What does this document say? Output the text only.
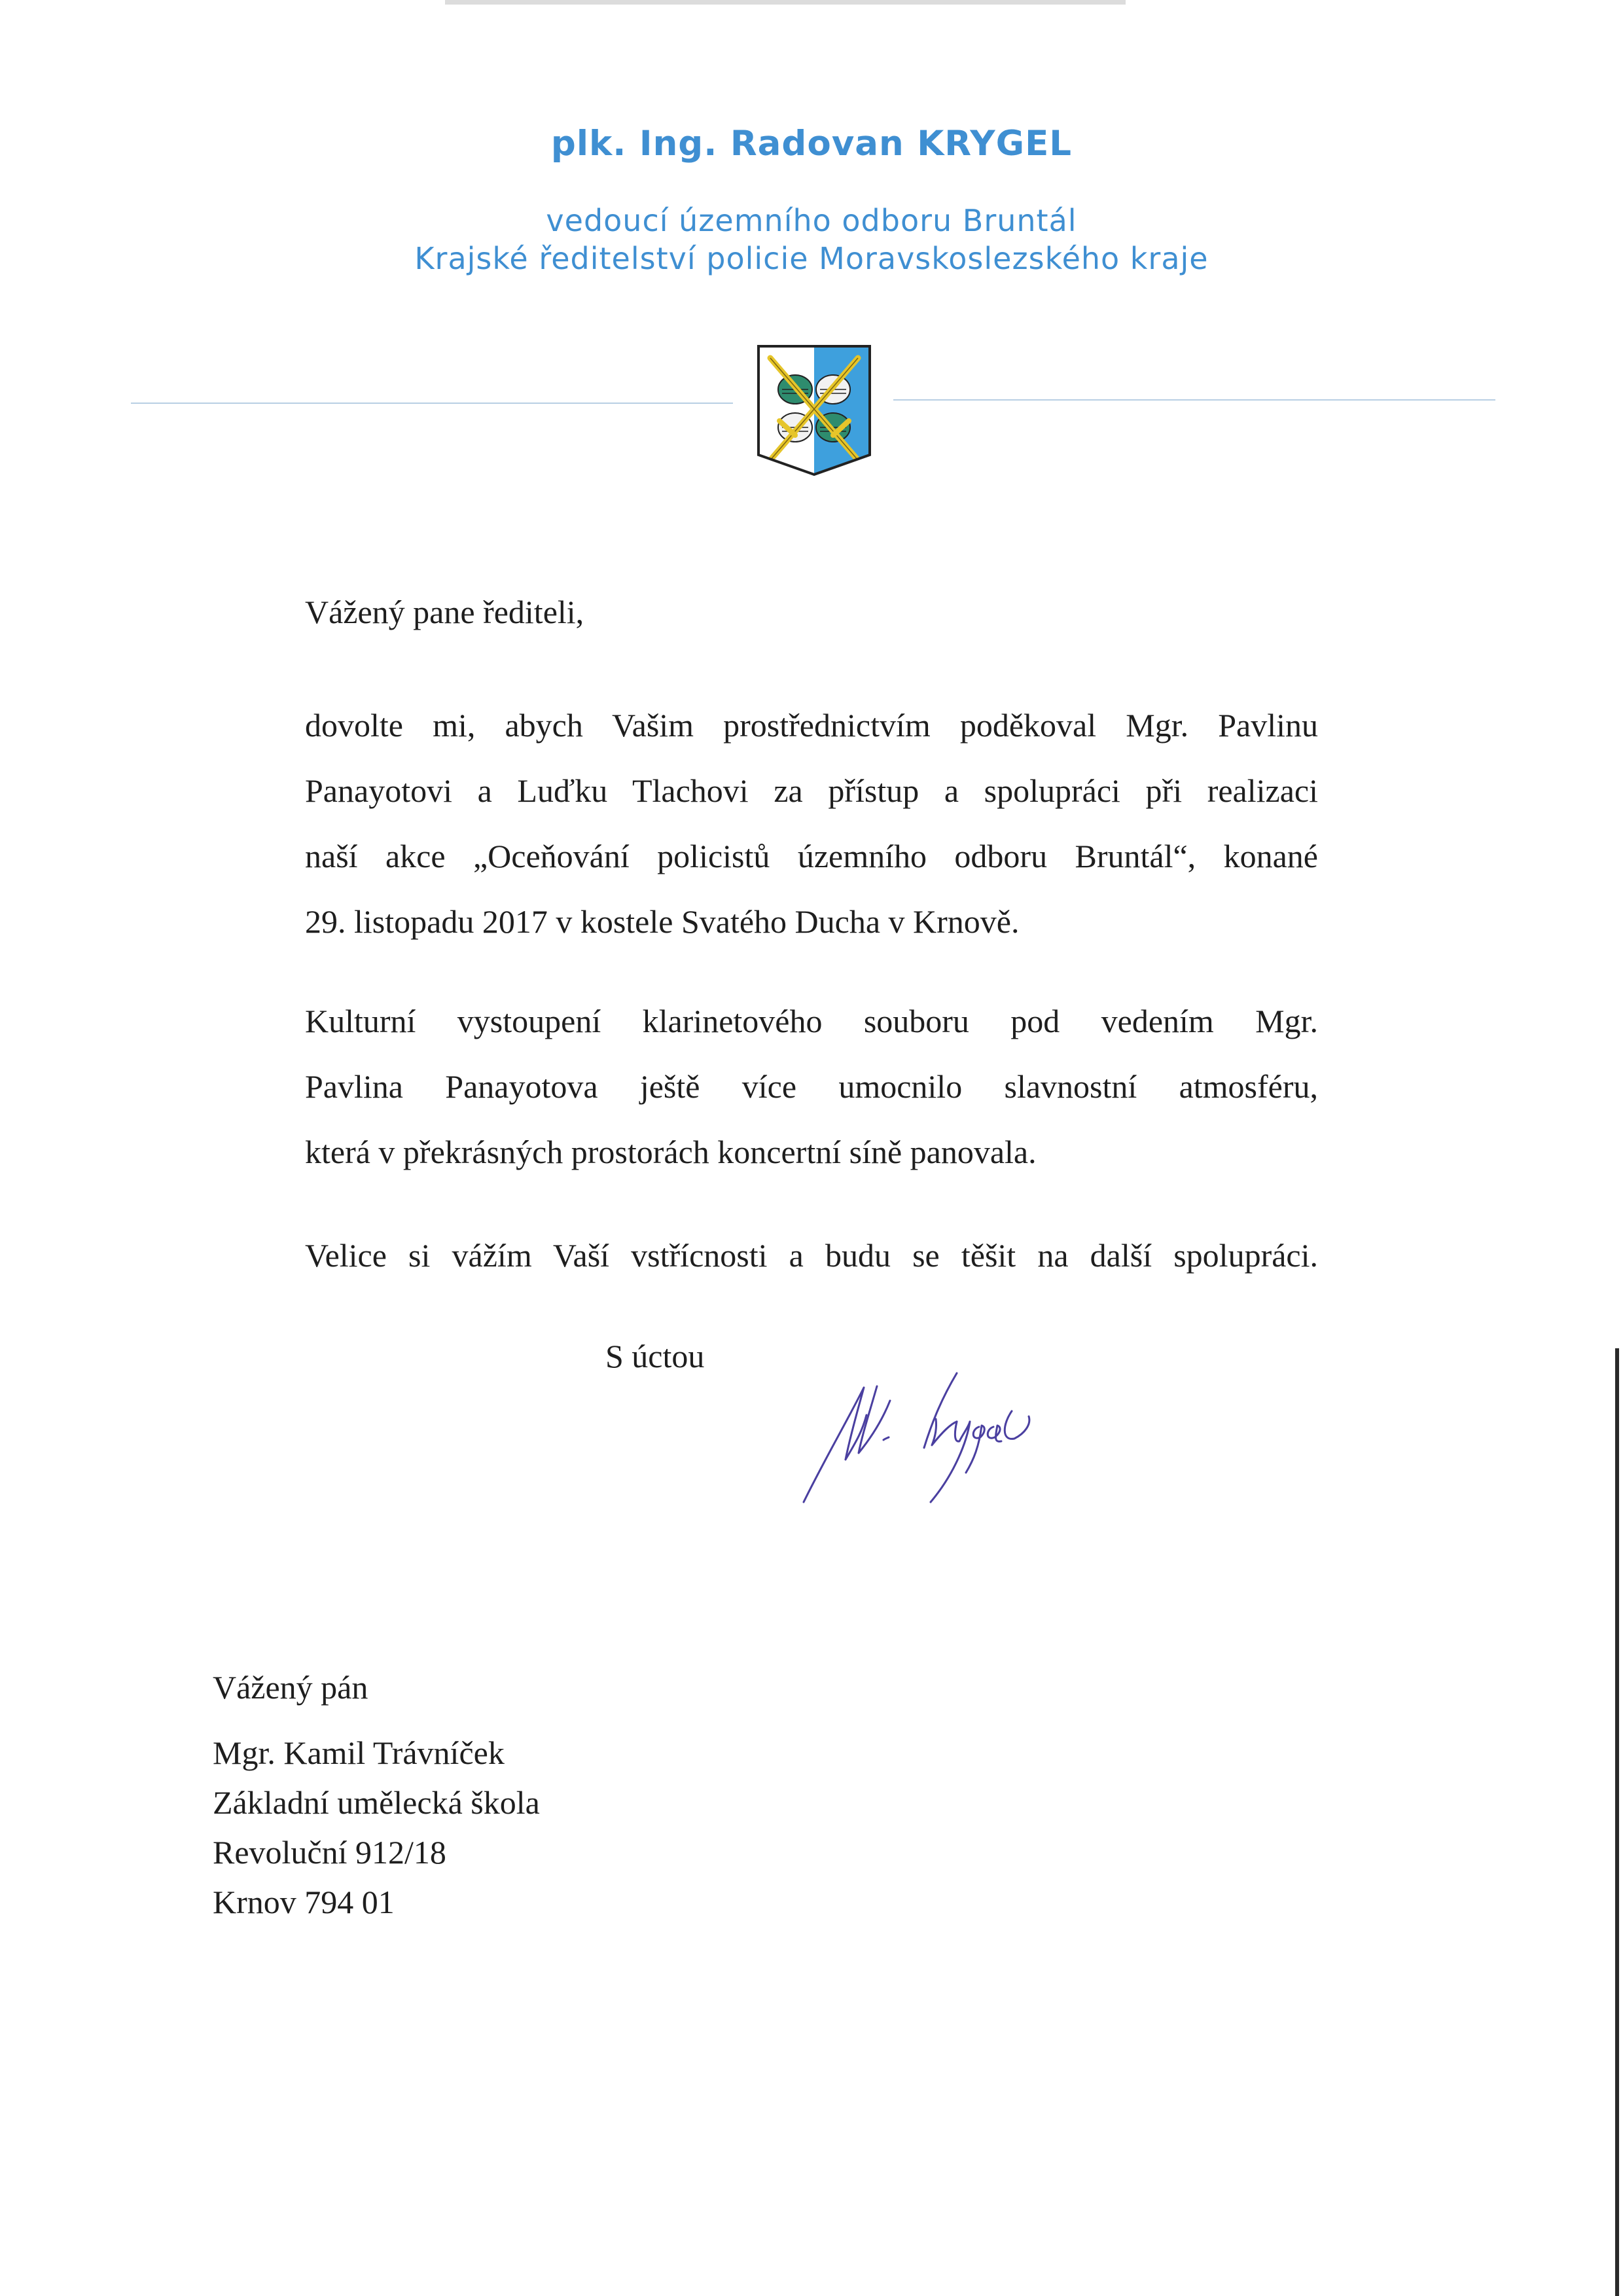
plk. Ing. Radovan KRYGEL
vedoucí územního odboru Bruntál
Krajské ředitelství policie Moravskoslezského kraje
Vážený pane řediteli,
dovolte mi, abych Vašim prostřednictvím poděkoval Mgr. Pavlinu
Panayotovi a Luďku Tlachovi za přístup a spolupráci při realizaci
naší akce „Oceňování policistů územního odboru Bruntál“, konané
29. listopadu 2017 v kostele Svatého Ducha v Krnově.
Kulturní vystoupení klarinetového souboru pod vedením Mgr.
Pavlina Panayotova ještě více umocnilo slavnostní atmosféru,
která v překrásných prostorách koncertní síně panovala.
Velice si vážím Vaší vstřícnosti a budu se těšit na další spolupráci.
S úctou
Vážený pán
Mgr. Kamil Trávníček
Základní umělecká škola
Revoluční 912/18
Krnov 794 01
